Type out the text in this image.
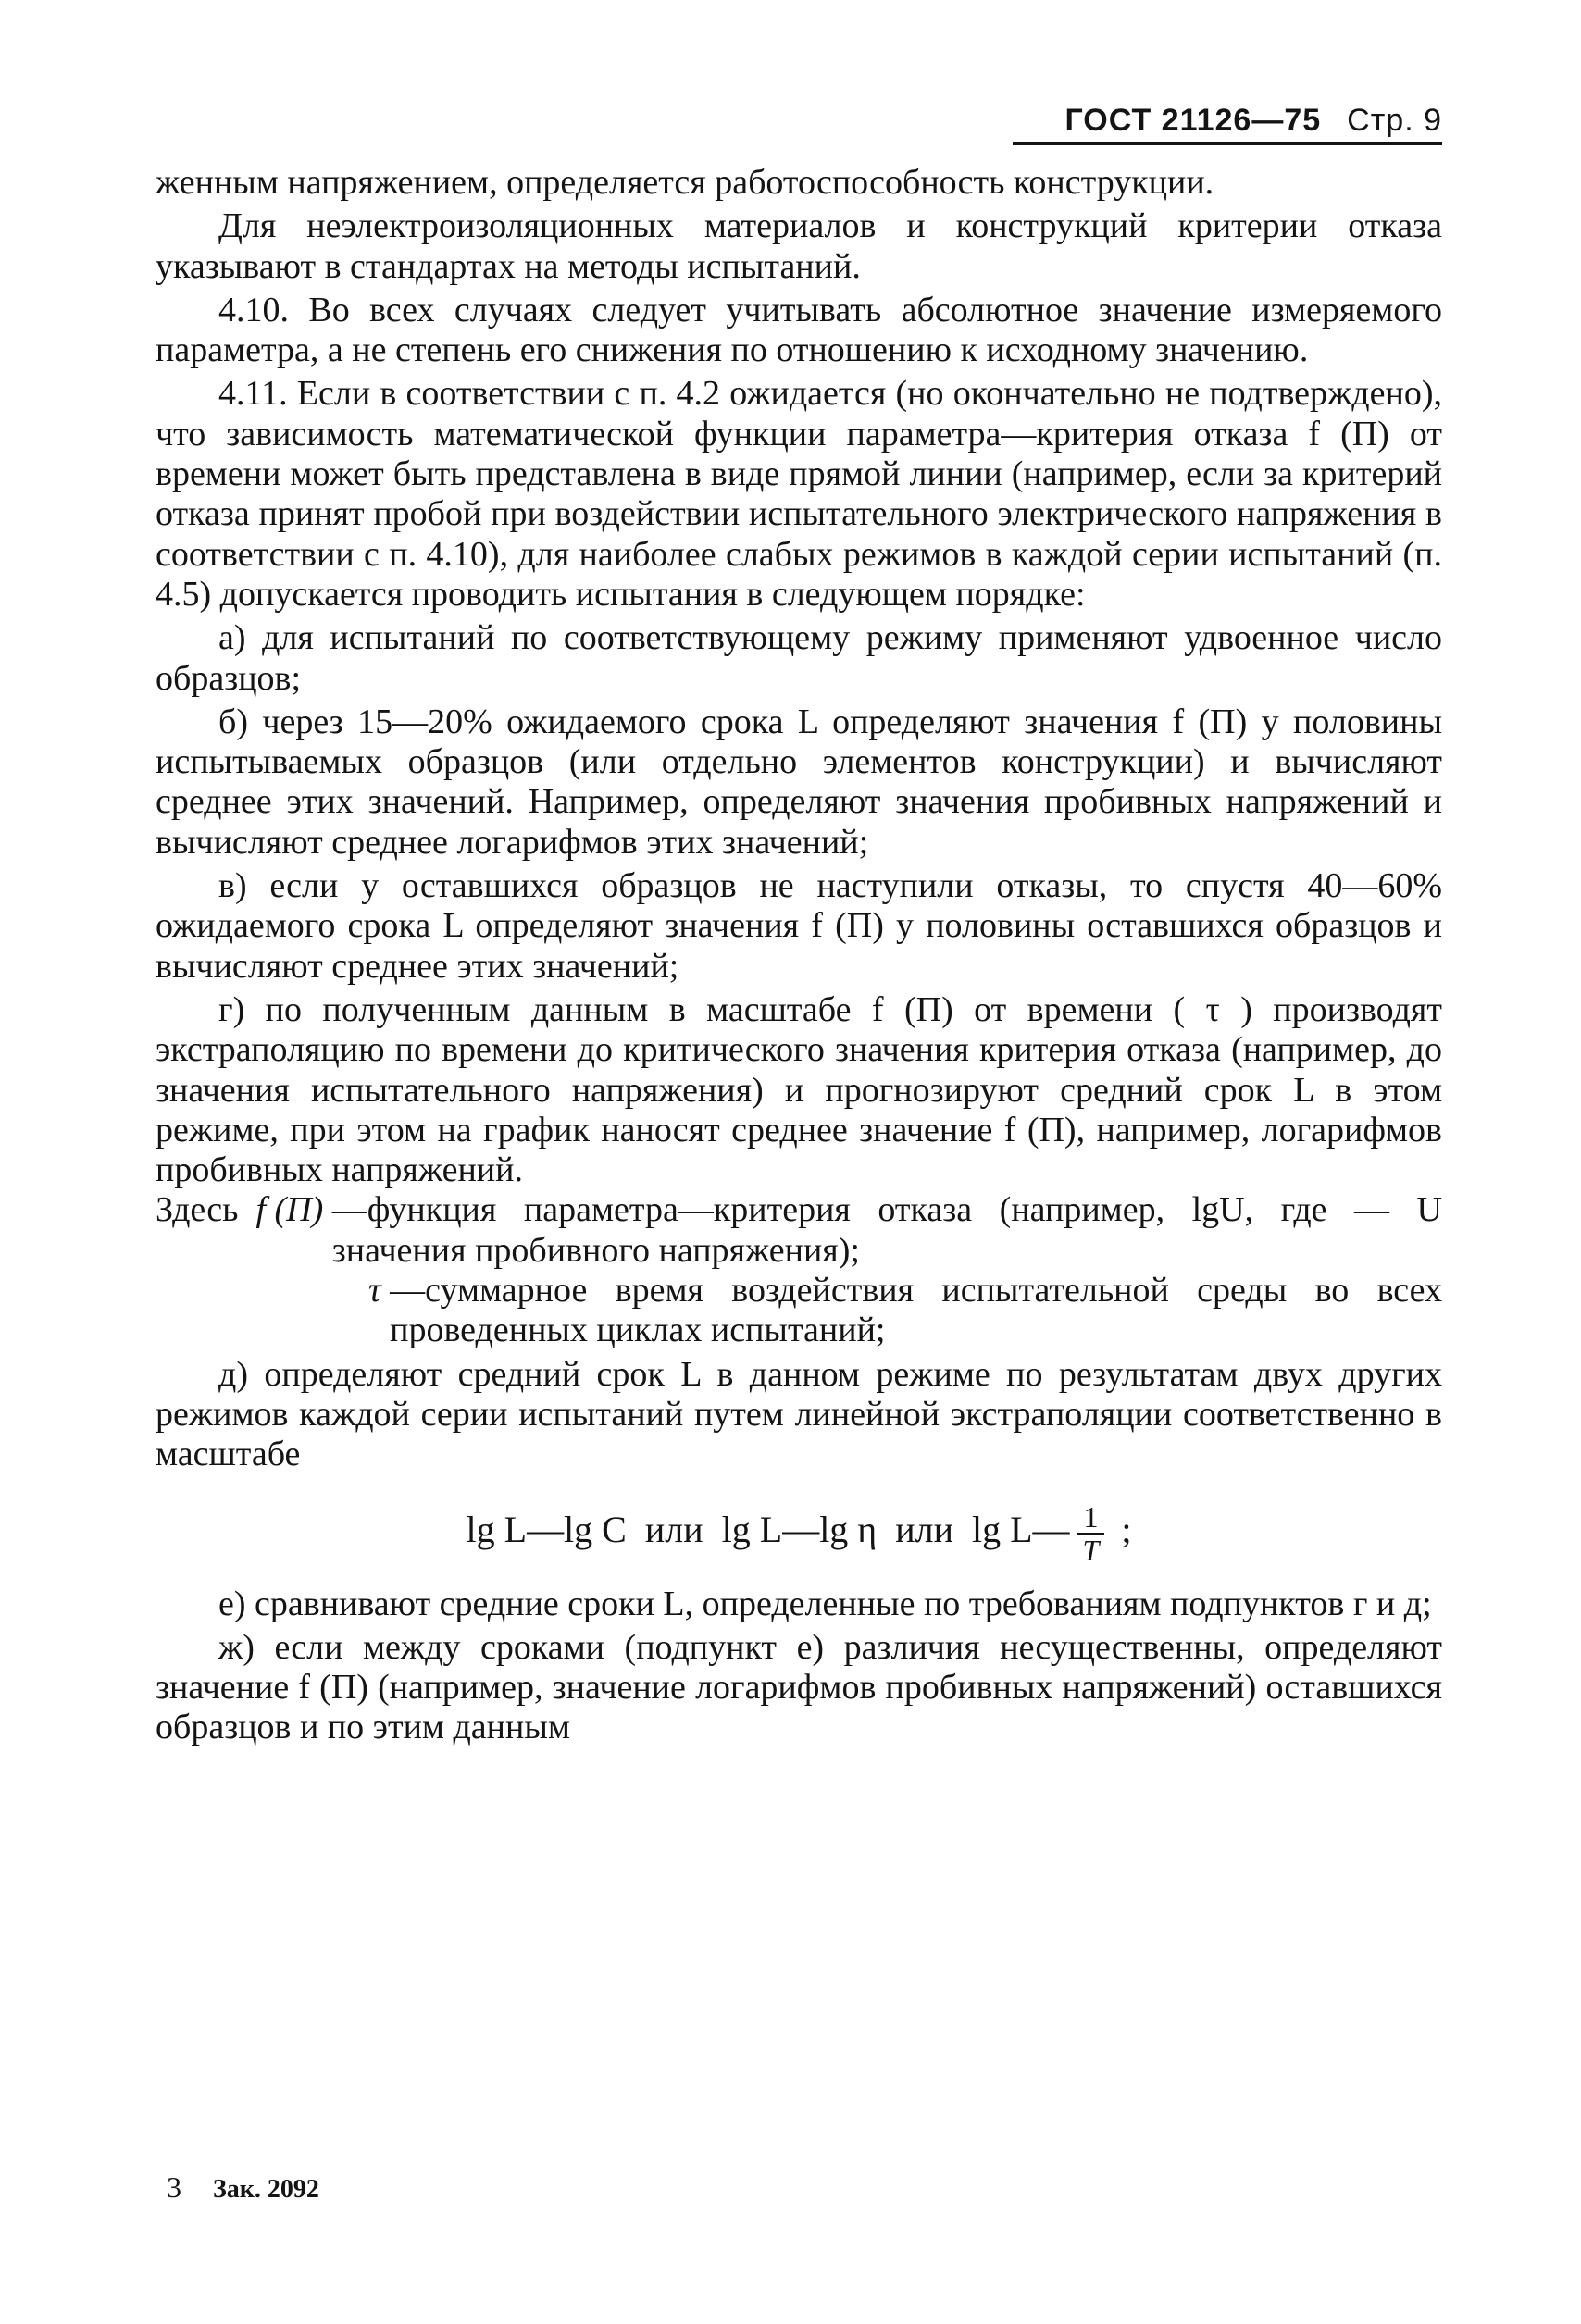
ГОСТ 21126—75 Стр. 9

женным напряжением, определяется работоспособность конструкции.

Для неэлектроизоляционных материалов и конструкций критерии отказа указывают в стандартах на методы испытаний.

4.10. Во всех случаях следует учитывать абсолютное значение измеряемого параметра, а не степень его снижения по отношению к исходному значению.

4.11. Если в соответствии с п. 4.2 ожидается (но окончательно не подтверждено), что зависимость математической функции параметра—критерия отказа f (П) от времени может быть представлена в виде прямой линии (например, если за критерий отказа принят пробой при воздействии испытательного электрического напряжения в соответствии с п. 4.10), для наиболее слабых режимов в каждой серии испытаний (п. 4.5) допускается проводить испытания в следующем порядке:

а) для испытаний по соответствующему режиму применяют удвоенное число образцов;

б) через 15—20% ожидаемого срока L определяют значения f (П) у половины испытываемых образцов (или отдельно элементов конструкции) и вычисляют среднее этих значений. Например, определяют значения пробивных напряжений и вычисляют среднее логарифмов этих значений;

в) если у оставшихся образцов не наступили отказы, то спустя 40—60% ожидаемого срока L определяют значения f (П) у половины оставшихся образцов и вычисляют среднее этих значений;

г) по полученным данным в масштабе f (П) от времени ( τ ) производят экстраполяцию по времени до критического значения критерия отказа (например, до значения испытательного напряжения) и прогнозируют средний срок L в этом режиме, при этом на график наносят среднее значение f (П), например, логарифмов пробивных напряжений.

Здесь f (П) —функция параметра—критерия отказа (например, lgU, где — U значения пробивного напряжения);
τ —суммарное время воздействия испытательной среды во всех проведенных циклах испытаний;

д) определяют средний срок L в данном режиме по результатам двух других режимов каждой серии испытаний путем линейной экстраполяции соответственно в масштабе

lg L—lg C или lg L—lg η или lg L— $\frac{1}{T}$ ;

е) сравнивают средние сроки L, определенные по требованиям подпунктов г и д;

ж) если между сроками (подпункт е) различия несущественны, определяют значение f (П) (например, значение логарифмов пробивных напряжений) оставшихся образцов и по этим данным

3 Зак. 2092
